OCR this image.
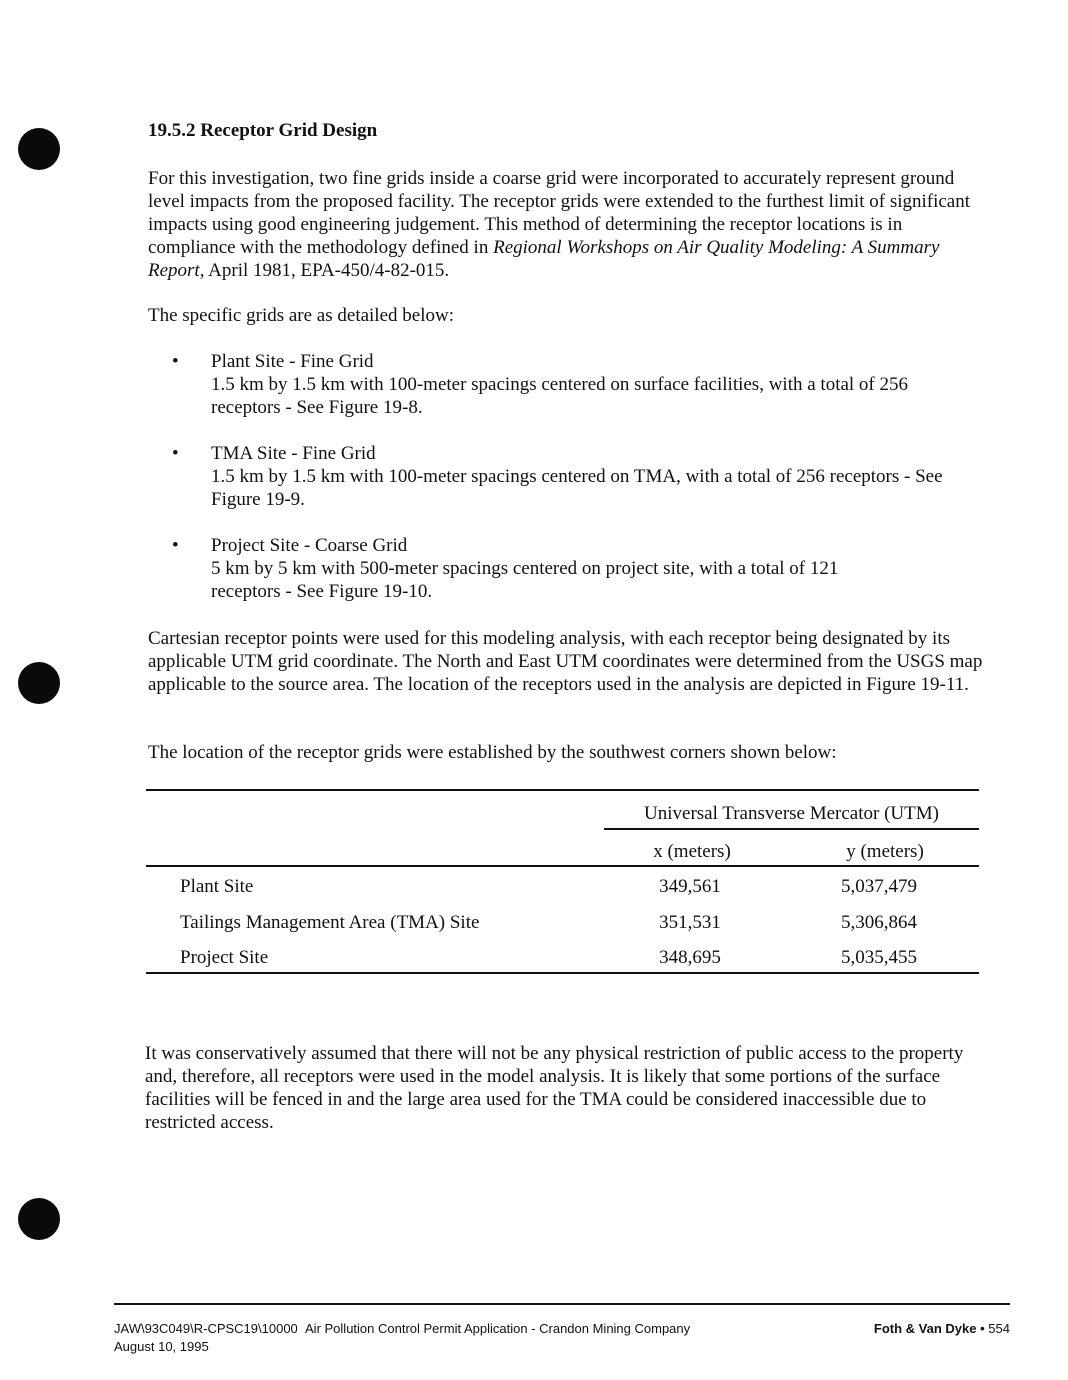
19.5.2 Receptor Grid Design

For this investigation, two fine grids inside a coarse grid were incorporated to accurately represent ground level impacts from the proposed facility. The receptor grids were extended to the furthest limit of significant impacts using good engineering judgement. This method of determining the receptor locations is in compliance with the methodology defined in Regional Workshops on Air Quality Modeling: A Summary Report, April 1981, EPA-450/4-82-015.

The specific grids are as detailed below:

• Plant Site - Fine Grid
1.5 km by 1.5 km with 100-meter spacings centered on surface facilities, with a total of 256 receptors - See Figure 19-8.
• TMA Site - Fine Grid
1.5 km by 1.5 km with 100-meter spacings centered on TMA, with a total of 256 receptors - See Figure 19-9.
• Project Site - Coarse Grid
5 km by 5 km with 500-meter spacings centered on project site, with a total of 121 receptors - See Figure 19-10.

Cartesian receptor points were used for this modeling analysis, with each receptor being designated by its applicable UTM grid coordinate. The North and East UTM coordinates were determined from the USGS map applicable to the source area. The location of the receptors used in the analysis are depicted in Figure 19-11.

The location of the receptor grids were established by the southwest corners shown below:

Universal Transverse Mercator (UTM)
x (meters)	y (meters)
Plant Site	349,561	5,037,479
Tailings Management Area (TMA) Site	351,531	5,306,864
Project Site	348,695	5,035,455

It was conservatively assumed that there will not be any physical restriction of public access to the property and, therefore, all receptors were used in the model analysis. It is likely that some portions of the surface facilities will be fenced in and the large area used for the TMA could be considered inaccessible due to restricted access.

JAW\93C049\R-CPSC19\10000 Air Pollution Control Permit Application - Crandon Mining Company
August 10, 1995
Foth & Van Dyke • 554
